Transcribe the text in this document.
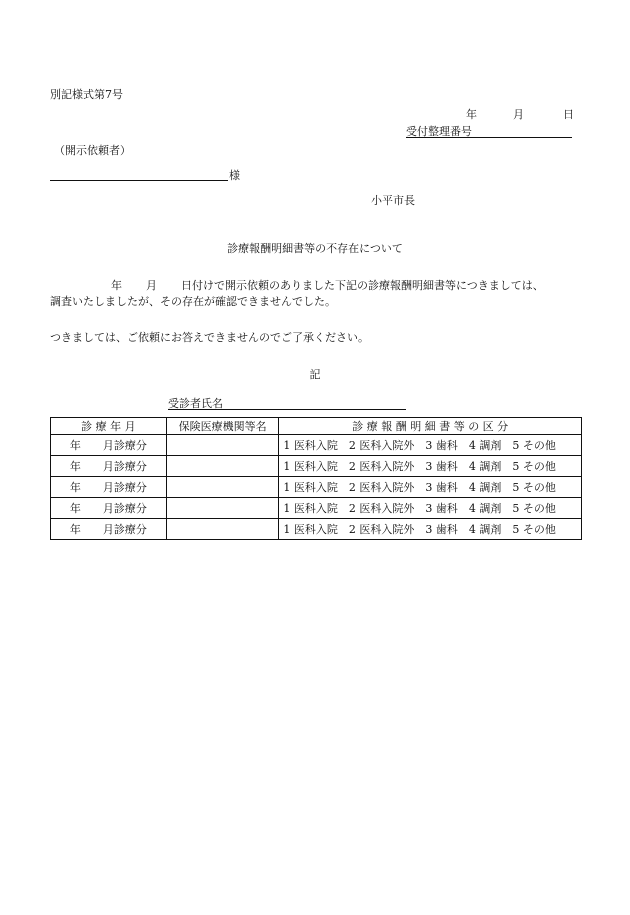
別記様式第7号
年	月	日
受付整理番号
（開示依頼者）
様
小平市長
診療報酬明細書等の不存在について
年 月 日付けで開示依頼のありました下記の診療報酬明細書等につきましては、
調査いたしましたが、その存在が確認できませんでした。
つきましては、ご依頼にお答えできませんのでご了承ください。
記
受診者氏名
診 療 年 月	保険医療機関等名	診 療 報 酬 明 細 書 等 の 区 分
年　　 月診療分		1 医科入院　2 医科入院外　3 歯科　4 調剤　5 その他
年　　 月診療分		1 医科入院　2 医科入院外　3 歯科　4 調剤　5 その他
年　　 月診療分		1 医科入院　2 医科入院外　3 歯科　4 調剤　5 その他
年　　 月診療分		1 医科入院　2 医科入院外　3 歯科　4 調剤　5 その他
年　　 月診療分		1 医科入院　2 医科入院外　3 歯科　4 調剤　5 その他
